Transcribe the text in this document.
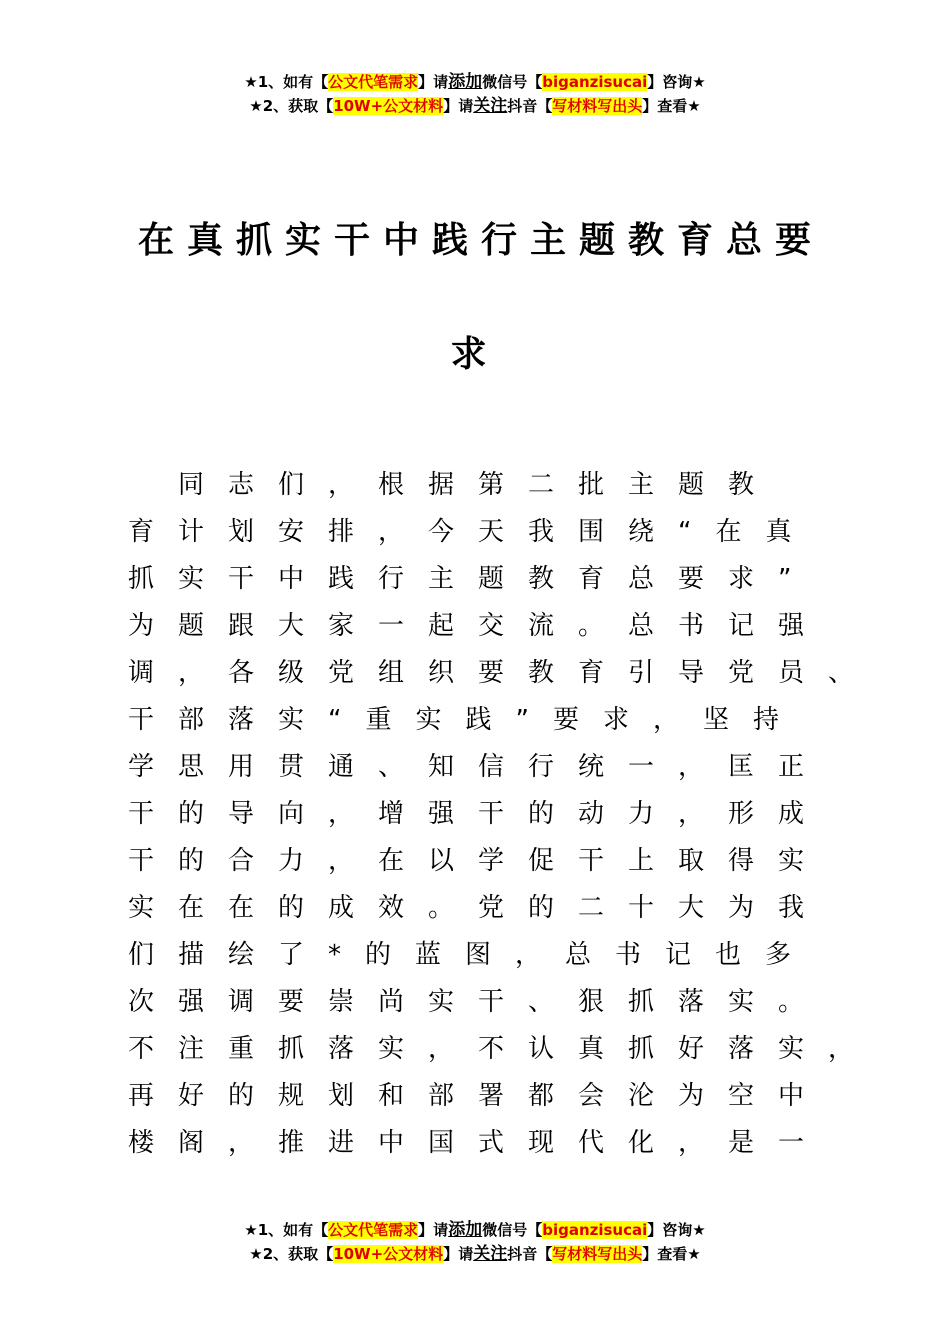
★1、如有【公文代笔需求】请添加微信号【biganzisucai】咨询★
★2、获取【10W+公文材料】请关注抖音【写材料写出头】查看★
在真抓实干中践行主题教育总要
求
　同志们，根据第二批主题教
育计划安排，今天我围绕“在真
抓实干中践行主题教育总要求”
为题跟大家一起交流。总书记强
调，各级党组织要教育引导党员、
干部落实“重实践”要求，坚持
学思用贯通、知信行统一，匡正
干的导向，增强干的动力，形成
干的合力，在以学促干上取得实
实在在的成效。党的二十大为我
们描绘了*的蓝图，总书记也多
次强调要崇尚实干、狠抓落实。
不注重抓落实，不认真抓好落实，
再好的规划和部署都会沦为空中
楼阁，推进中国式现代化，是一
★1、如有【公文代笔需求】请添加微信号【biganzisucai】咨询★
★2、获取【10W+公文材料】请关注抖音【写材料写出头】查看★
